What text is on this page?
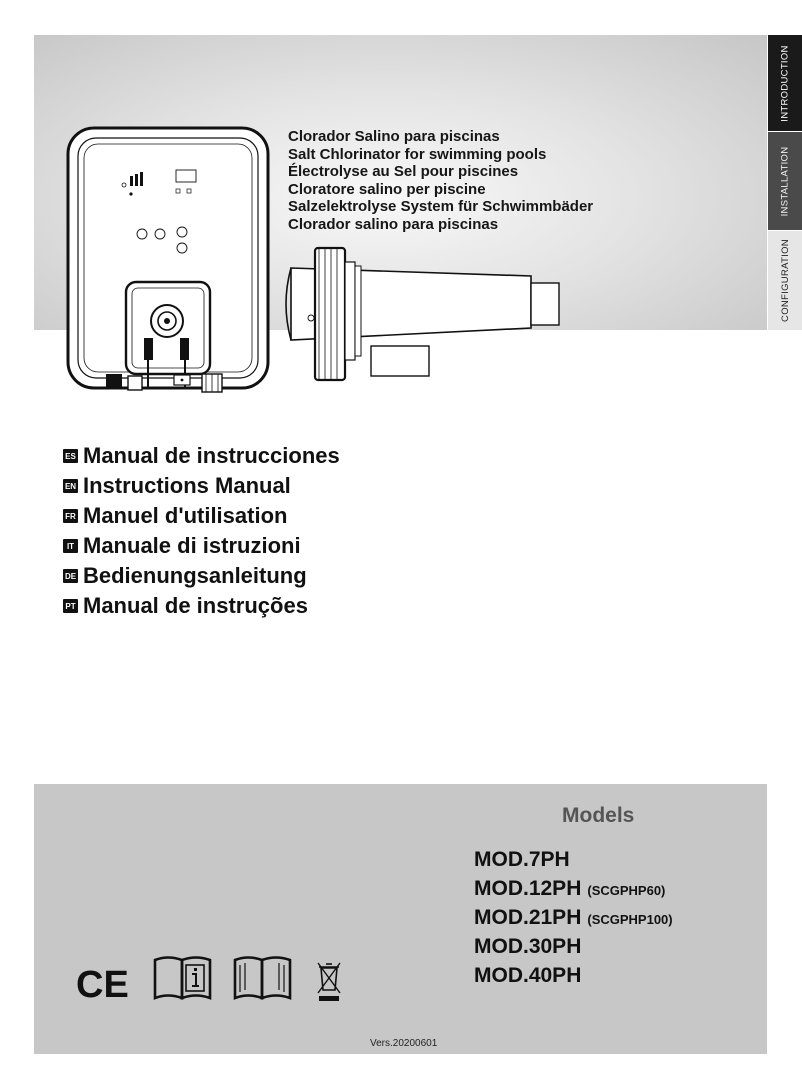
INTRODUCTION
INSTALLATION
CONFIGURATION
Clorador Salino para piscinas
Salt Chlorinator for swimming pools
Électrolyse au Sel pour piscines
Cloratore salino per piscine
Salzelektrolyse System für Schwimmbäder
Clorador salino para piscinas
ES Manual de instrucciones
EN Instructions Manual
FR Manuel d'utilisation
IT Manuale di istruzioni
DE Bedienungsanleitung
PT Manual de instruções
Models
MOD.7PH
MOD.12PH (SCGPHP60)
MOD.21PH (SCGPHP100)
MOD.30PH
MOD.40PH
CE
Vers.20200601
